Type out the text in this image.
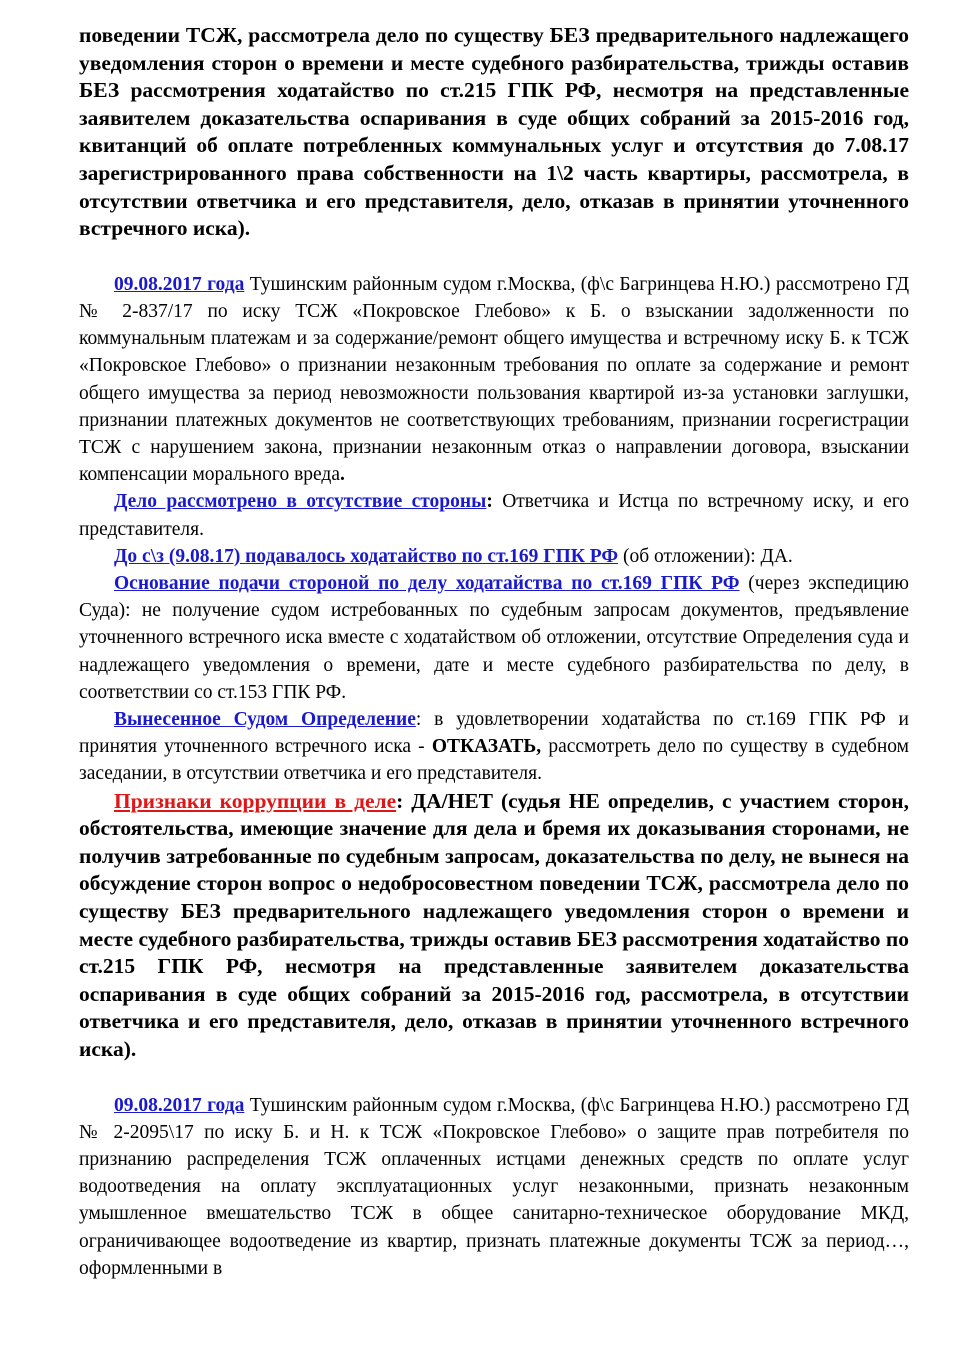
поведении ТСЖ, рассмотрела дело по существу БЕЗ предварительного надлежащего уведомления сторон о времени и месте судебного разбирательства, трижды оставив БЕЗ рассмотрения ходатайство по ст.215 ГПК РФ, несмотря на представленные заявителем доказательства оспаривания в суде общих собраний за 2015-2016 год, квитанций об оплате потребленных коммунальных услуг и отсутствия до 7.08.17 зарегистрированного права собственности на 1\2 часть квартиры, рассмотрела, в отсутствии ответчика и его представителя, дело, отказав в принятии уточненного встречного иска).

09.08.2017 года Тушинским районным судом г.Москва, (ф\с Багринцева Н.Ю.) рассмотрено ГД № 2-837/17 по иску ТСЖ «Покровское Глебово» к Б. о взыскании задолженности по коммунальным платежам и за содержание/ремонт общего имущества и встречному иску Б. к ТСЖ «Покровское Глебово» о признании незаконным требования по оплате за содержание и ремонт общего имущества за период невозможности пользования квартирой из-за установки заглушки, признании платежных документов не соответствующих требованиям, признании госрегистрации ТСЖ с нарушением закона, признании незаконным отказ о направлении договора, взыскании компенсации морального вреда.

Дело рассмотрено в отсутствие стороны: Ответчика и Истца по встречному иску, и его представителя.

До с\з (9.08.17) подавалось ходатайство по ст.169 ГПК РФ (об отложении): ДА.

Основание подачи стороной по делу ходатайства по ст.169 ГПК РФ (через экспедицию Суда): не получение судом истребованных по судебным запросам документов, предъявление уточненного встречного иска вместе с ходатайством об отложении, отсутствие Определения суда и надлежащего уведомления о времени, дате и месте судебного разбирательства по делу, в соответствии со ст.153 ГПК РФ.

Вынесенное Судом Определение: в удовлетворении ходатайства по ст.169 ГПК РФ и принятия уточненного встречного иска - ОТКАЗАТЬ, рассмотреть дело по существу в судебном заседании, в отсутствии ответчика и его представителя.

Признаки коррупции в деле: ДА/НЕТ (судья НЕ определив, с участием сторон, обстоятельства, имеющие значение для дела и бремя их доказывания сторонами, не получив затребованные по судебным запросам, доказательства по делу, не вынеся на обсуждение сторон вопрос о недобросовестном поведении ТСЖ, рассмотрела дело по существу БЕЗ предварительного надлежащего уведомления сторон о времени и месте судебного разбирательства, трижды оставив БЕЗ рассмотрения ходатайство по ст.215 ГПК РФ, несмотря на представленные заявителем доказательства оспаривания в суде общих собраний за 2015-2016 год, рассмотрела, в отсутствии ответчика и его представителя, дело, отказав в принятии уточненного встречного иска).

09.08.2017 года Тушинским районным судом г.Москва, (ф\с Багринцева Н.Ю.) рассмотрено ГД № 2-2095\17 по иску Б. и Н. к ТСЖ «Покровское Глебово» о защите прав потребителя по признанию распределения ТСЖ оплаченных истцами денежных средств по оплате услуг водоотведения на оплату эксплуатационных услуг незаконными, признать незаконным умышленное вмешательство ТСЖ в общее санитарно-техническое оборудование МКД, ограничивающее водоотведение из квартир, признать платежные документы ТСЖ за период…, оформленными в
